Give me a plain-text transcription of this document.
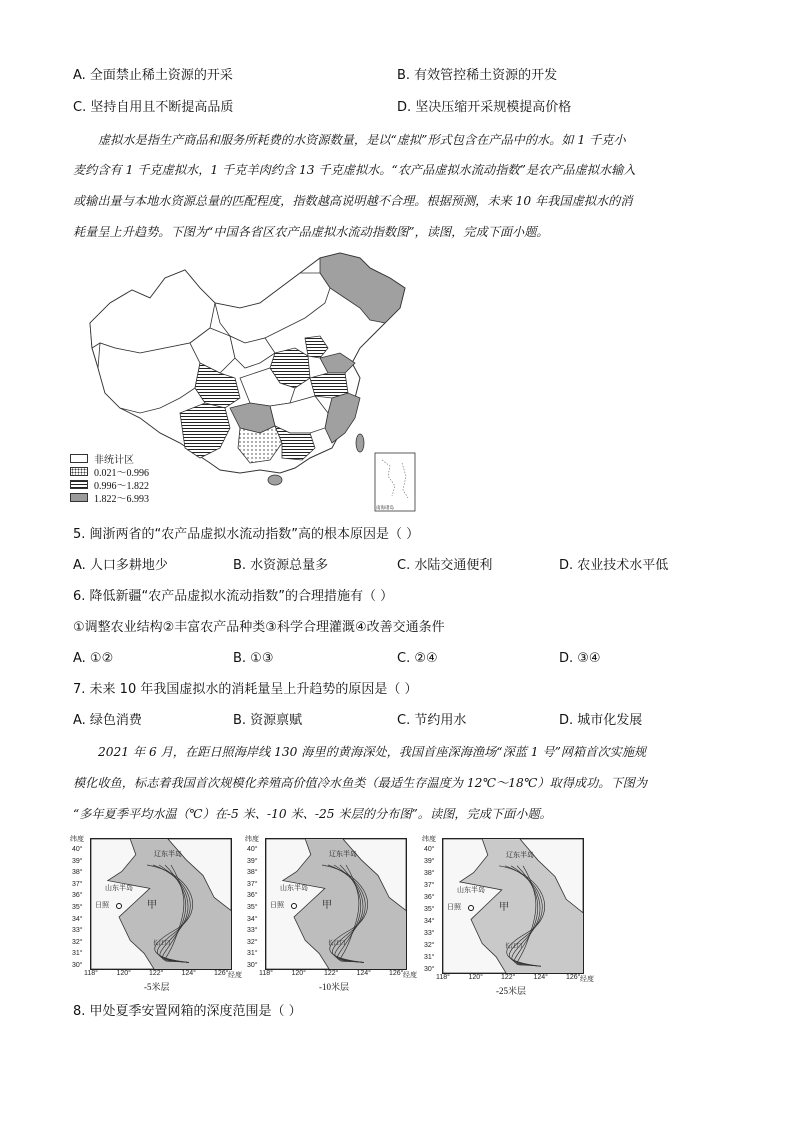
A. 全面禁止稀土资源的开采	B. 有效管控稀土资源的开发
C. 坚持自用且不断提高品质	D. 坚决压缩开采规模提高价格
虚拟水是指生产商品和服务所耗费的水资源数量，是以“虚拟”形式包含在产品中的水。如 1 千克小
麦约含有 1 千克虚拟水，1 千克羊肉约含 13 千克虚拟水。“农产品虚拟水流动指数”是农产品虚拟水输入
或输出量与本地水资源总量的匹配程度，指数越高说明越不合理。根据预测，未来 10 年我国虚拟水的消
耗量呈上升趋势。下图为“中国各省区农产品虚拟水流动指数图”，读图，完成下面小题。
南海诸岛
非统计区
0.021～0.996
0.996～1.822
1.822～6.993
5. 闽浙两省的“农产品虚拟水流动指数”高的根本原因是（ ）
A. 人口多耕地少	B. 水资源总量多	C. 水陆交通便利	D. 农业技术水平低
6. 降低新疆“农产品虚拟水流动指数”的合理措施有（ ）
①调整农业结构②丰富农产品种类③科学合理灌溉④改善交通条件
A. ①②	B. ①③	C. ②④	D. ③④
7. 未来 10 年我国虚拟水的消耗量呈上升趋势的原因是（ ）
A. 绿色消费	B. 资源禀赋	C. 节约用水	D. 城市化发展
2021 年 6 月，在距日照海岸线 130 海里的黄海深处，我国首座深海渔场“深蓝 1 号”网箱首次实施规
模化收鱼，标志着我国首次规模化养殖高价值冷水鱼类（最适生存温度为 12℃～18℃）取得成功。下图为
“多年夏季平均水温（℃）在-5 米、-10 米、-25 米层的分布图”。读图，完成下面小题。
辽东半岛
山东半岛
日照	甲
长江口
纬度
40°
39°
38°
37°
36°
35°
34°
33°
32°
31°
30°
118°	120°	122°	124°	126° 经度
-5米层
辽东半岛
山东半岛
日照	甲
长江口
纬度
40°
39°
38°
37°
36°
35°
34°
33°
32°
31°
30°
118°	120°	122°	124°	126° 经度
-10米层
辽东半岛
山东半岛
日照	甲
长江口
纬度
40°
39°
38°
37°
36°
35°
34°
33°
32°
31°
30°
118°	120°	122°	124°	126° 经度
-25米层
8. 甲处夏季安置网箱的深度范围是（ ）
